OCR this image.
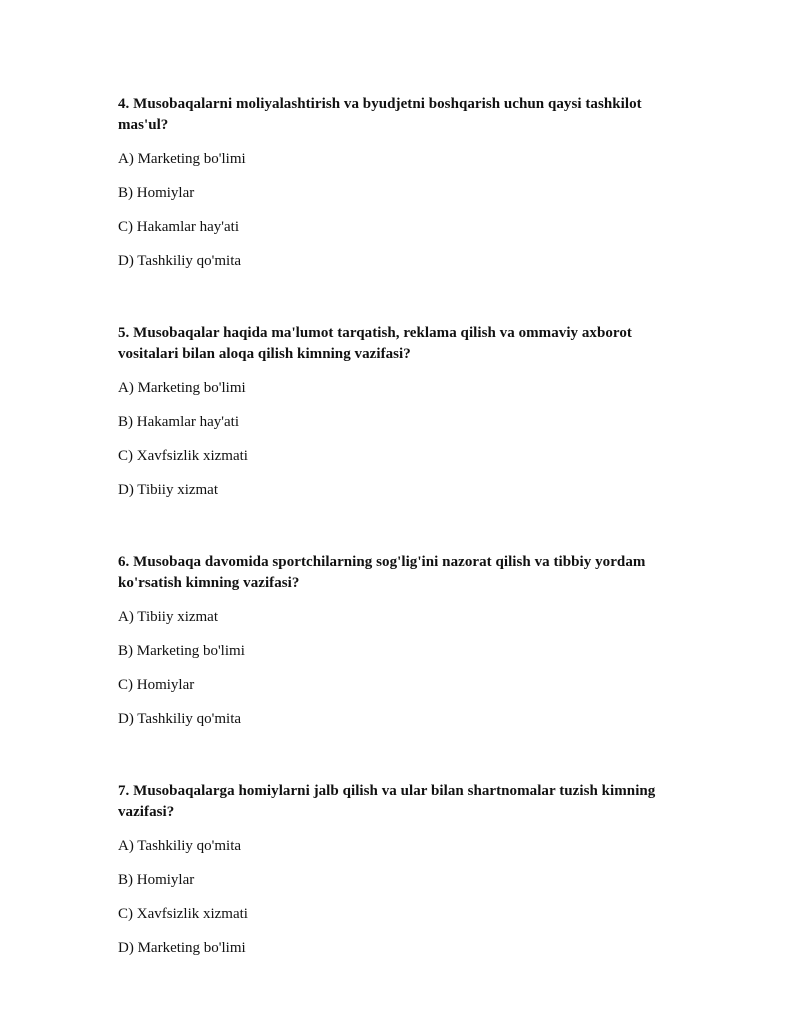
4. Musobaqalarni moliyalashtirish va byudjetni boshqarish uchun qaysi tashkilot mas'ul?

A) Marketing bo'limi
B) Homiylar
C) Hakamlar hay'ati
D) Tashkiliy qo'mita

5. Musobaqalar haqida ma'lumot tarqatish, reklama qilish va ommaviy axborot vositalari bilan aloqa qilish kimning vazifasi?

A) Marketing bo'limi
B) Hakamlar hay'ati
C) Xavfsizlik xizmati
D) Tibiiy xizmat

6. Musobaqa davomida sportchilarning sog'lig'ini nazorat qilish va tibbiy yordam ko'rsatish kimning vazifasi?

A) Tibiiy xizmat
B) Marketing bo'limi
C) Homiylar
D) Tashkiliy qo'mita

7. Musobaqalarga homiylarni jalb qilish va ular bilan shartnomalar tuzish kimning vazifasi?

A) Tashkiliy qo'mita
B) Homiylar
C) Xavfsizlik xizmati
D) Marketing bo'limi
